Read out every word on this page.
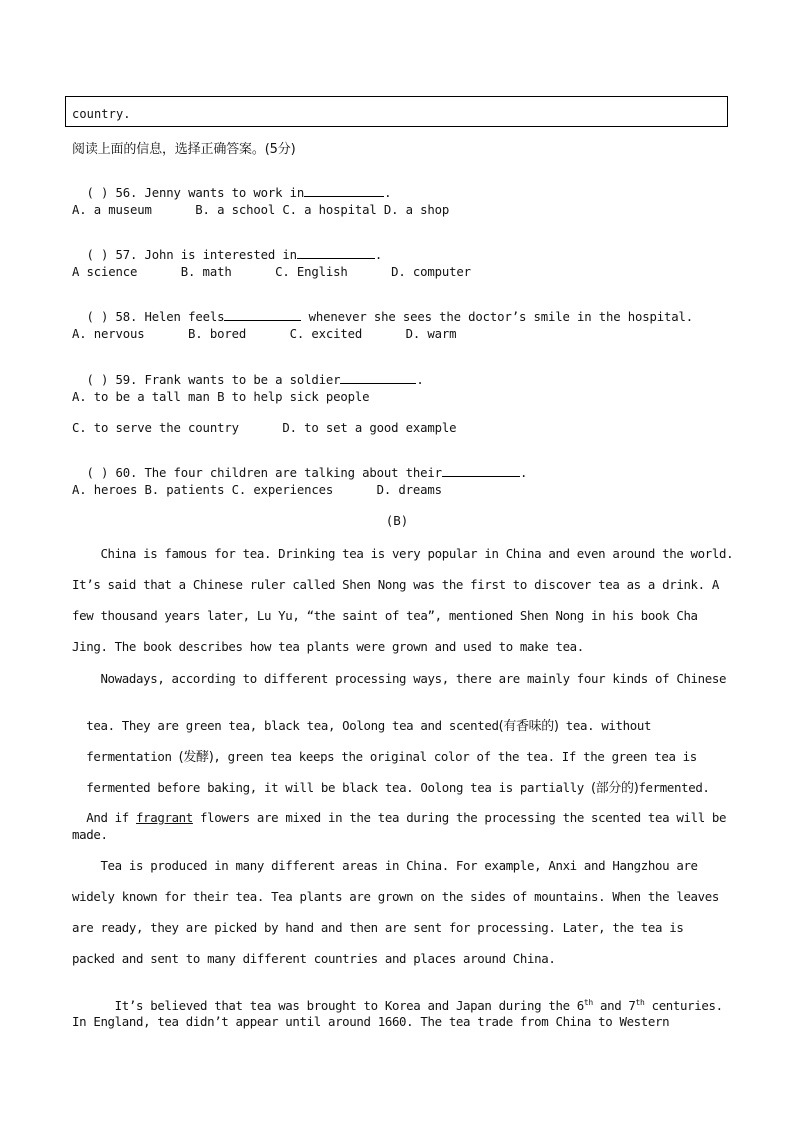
country.
阅读上面的信息，选择正确答案。(5分)

( ) 56. Jenny wants to work in	.

A. a museum      B. a school C. a hospital D. a shop

( ) 57. John is interested in	.

A science      B. math      C. English      D. computer

( ) 58. Helen feels	whenever she sees the doctor’s smile in the hospital.

A. nervous      B. bored      C. excited      D. warm

( ) 59. Frank wants to be a soldier	.

A. to be a tall man B to help sick people
C. to serve the country      D. to set a good example

( ) 60. The four children are talking about their	.

A. heroes B. patients C. experiences      D. dreams
(B)
China is famous for tea. Drinking tea is very popular in China and even around the world.
It’s said that a Chinese ruler called Shen Nong was the first to discover tea as a drink. A
few thousand years later, Lu Yu, “the saint of tea”, mentioned Shen Nong in his book Cha
Jing. The book describes how tea plants were grown and used to make tea.
Nowadays, according to different processing ways, there are mainly four kinds of Chinese

tea. They are green tea, black tea, Oolong tea and scented(有香味的) tea. without

fermentation (发酵), green tea keeps the original color of the tea. If the green tea is

fermented before baking, it will be black tea. Oolong tea is partially (部分的)fermented.

And if fragrant flowers are mixed in the tea during the processing the scented tea will be

made.
Tea is produced in many different areas in China. For example, Anxi and Hangzhou are
widely known for their tea. Tea plants are grown on the sides of mountains. When the leaves
are ready, they are picked by hand and then are sent for processing. Later, the tea is
packed and sent to many different countries and places around China.

It’s believed that tea was brought to Korea and Japan during the 6th and 7th centuries.

In England, tea didn’t appear until around 1660. The tea trade from China to Western
